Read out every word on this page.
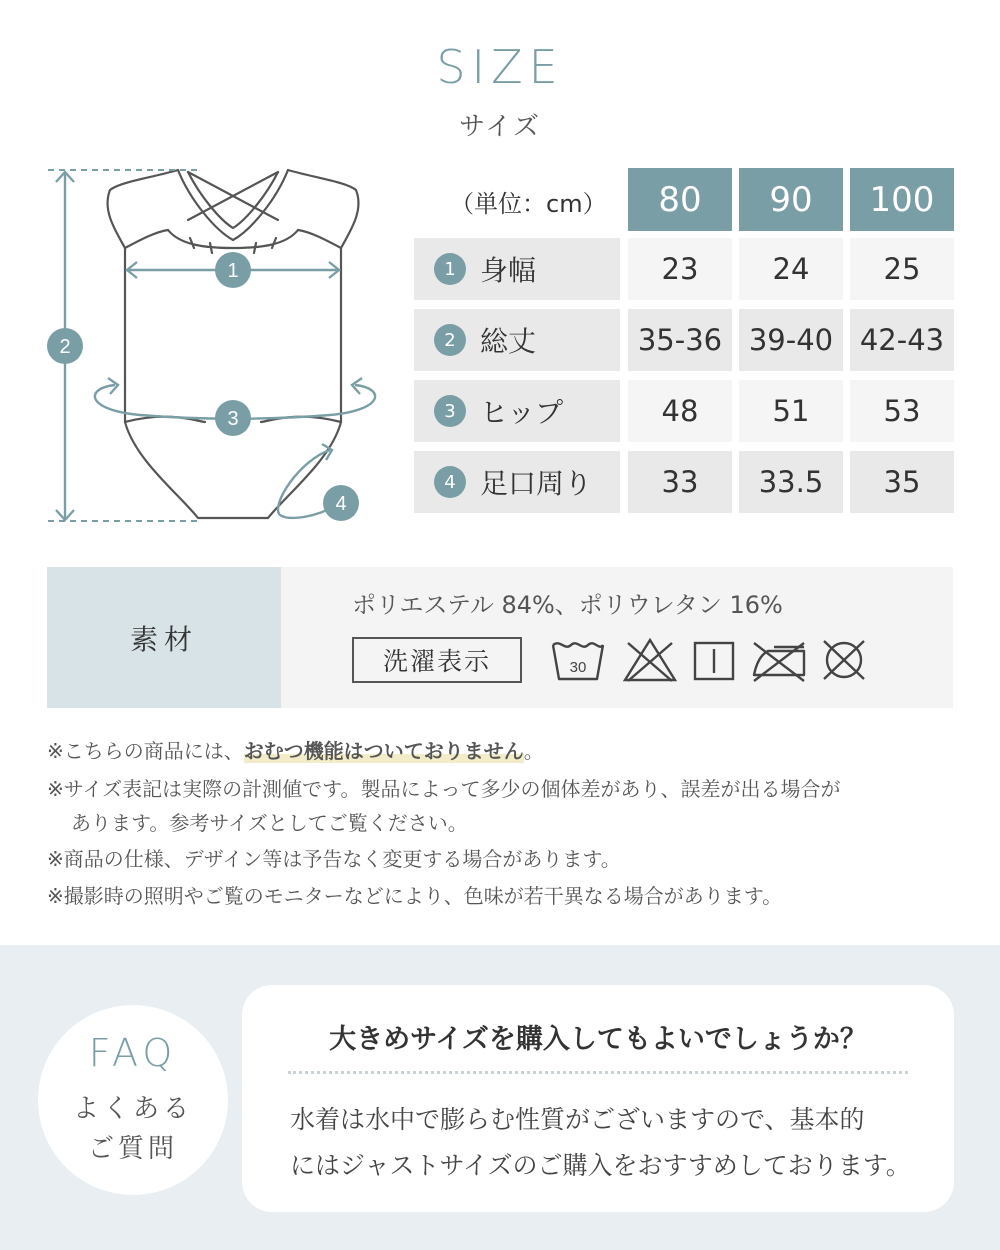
SIZE
サイズ
1
2
3
4
（単位：cm）	80	90	100
1 身幅	23	24	25
2 総丈	35-36 39-40 42-43
3 ヒップ	48	51	53
4 足口周り	33	33.5	35
素材
ポリエステル 84%、ポリウレタン 16%
洗濯表示	30
※こちらの商品には、おむつ機能はついておりません。
※サイズ表記は実際の計測値です。製品によって多少の個体差があり、誤差が出る場合が
あります。参考サイズとしてご覧ください。
※商品の仕様、デザイン等は予告なく変更する場合があります。
※撮影時の照明やご覧のモニターなどにより、色味が若干異なる場合があります。
FAQ
よくある
ご質問
大きめサイズを購入してもよいでしょうか？
水着は水中で膨らむ性質がございますので、基本的
にはジャストサイズのご購入をおすすめしております。
